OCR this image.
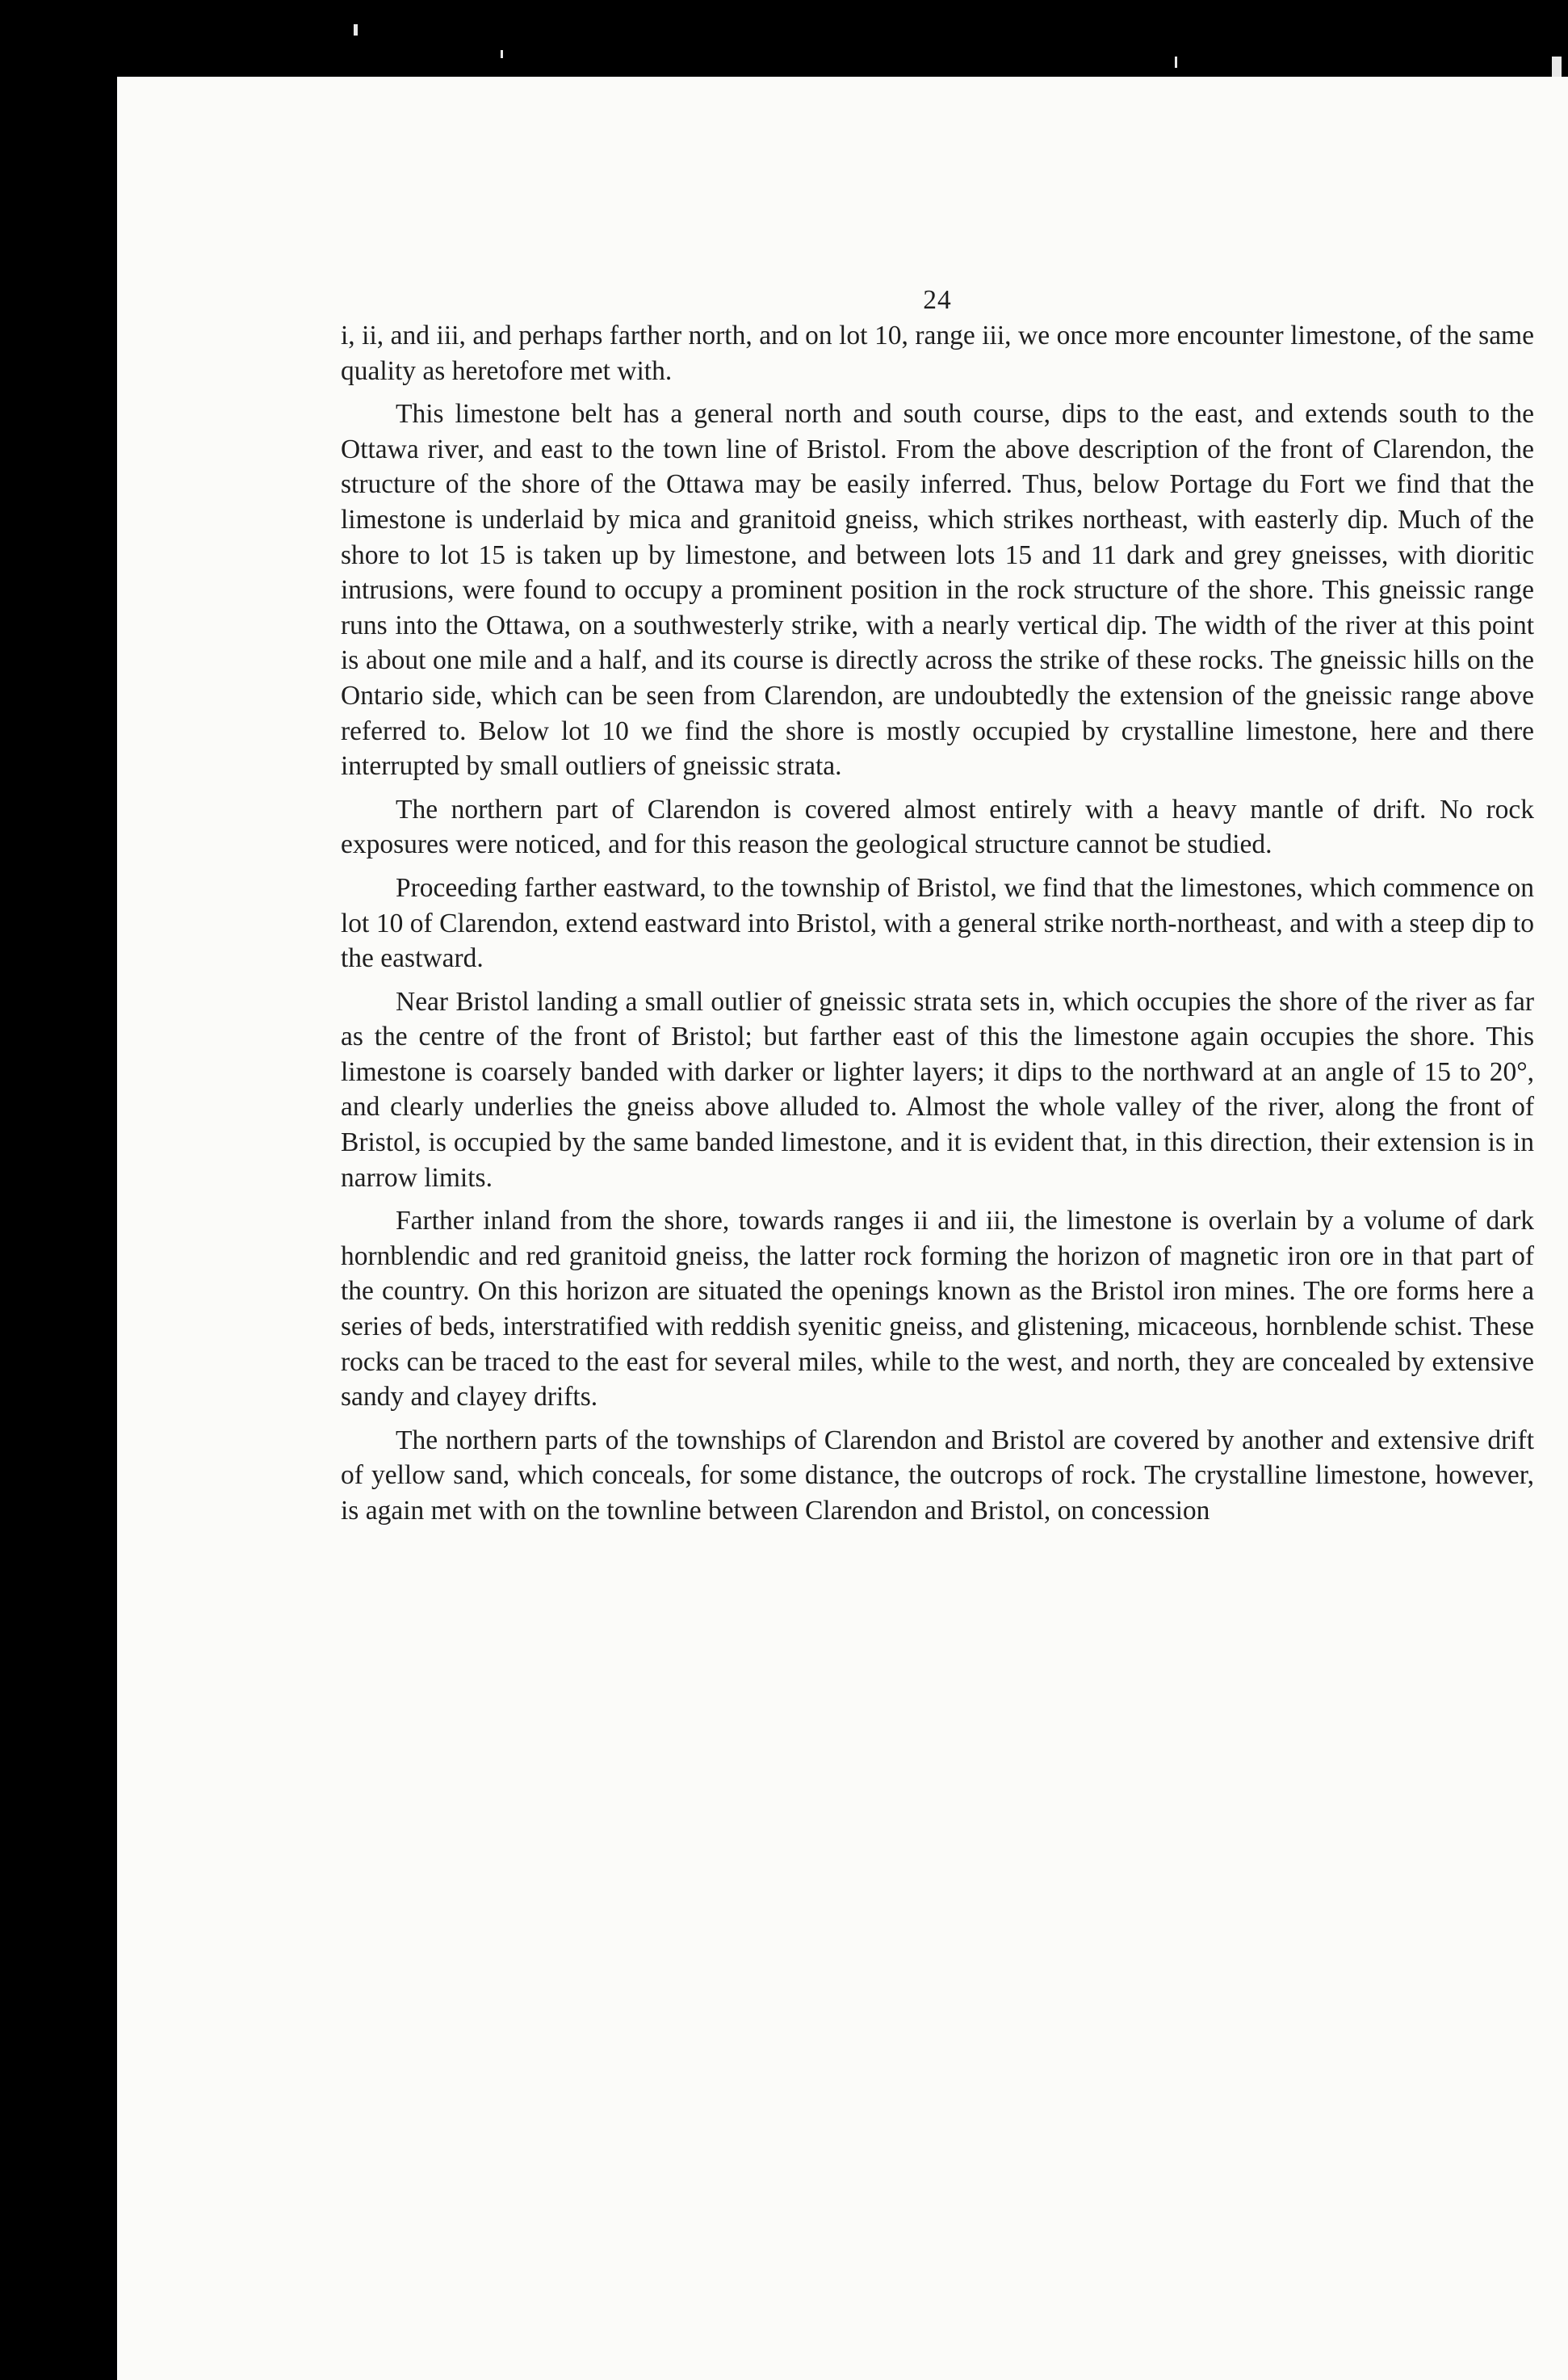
24

i, ii, and iii, and perhaps farther north, and on lot 10, range iii, we once more encounter limestone, of the same quality as heretofore met with.

This limestone belt has a general north and south course, dips to the east, and extends south to the Ottawa river, and east to the town line of Bristol. From the above description of the front of Clarendon, the structure of the shore of the Ottawa may be easily inferred. Thus, below Portage du Fort we find that the limestone is underlaid by mica and granitoid gneiss, which strikes northeast, with easterly dip. Much of the shore to lot 15 is taken up by limestone, and between lots 15 and 11 dark and grey gneisses, with dioritic intrusions, were found to occupy a prominent position in the rock structure of the shore. This gneissic range runs into the Ottawa, on a southwesterly strike, with a nearly vertical dip. The width of the river at this point is about one mile and a half, and its course is directly across the strike of these rocks. The gneissic hills on the Ontario side, which can be seen from Clarendon, are undoubtedly the extension of the gneissic range above referred to. Below lot 10 we find the shore is mostly occupied by crystalline limestone, here and there interrupted by small outliers of gneissic strata.

The northern part of Clarendon is covered almost entirely with a heavy mantle of drift. No rock exposures were noticed, and for this reason the geological structure cannot be studied.

Proceeding farther eastward, to the township of Bristol, we find that the limestones, which commence on lot 10 of Clarendon, extend eastward into Bristol, with a general strike north-northeast, and with a steep dip to the eastward.

Near Bristol landing a small outlier of gneissic strata sets in, which occupies the shore of the river as far as the centre of the front of Bristol; but farther east of this the limestone again occupies the shore. This limestone is coarsely banded with darker or lighter layers; it dips to the northward at an angle of 15 to 20°, and clearly underlies the gneiss above alluded to. Almost the whole valley of the river, along the front of Bristol, is occupied by the same banded limestone, and it is evident that, in this direction, their extension is in narrow limits.

Farther inland from the shore, towards ranges ii and iii, the limestone is overlain by a volume of dark hornblendic and red granitoid gneiss, the latter rock forming the horizon of magnetic iron ore in that part of the country. On this horizon are situated the openings known as the Bristol iron mines. The ore forms here a series of beds, interstratified with reddish syenitic gneiss, and glistening, micaceous, hornblende schist. These rocks can be traced to the east for several miles, while to the west, and north, they are concealed by extensive sandy and clayey drifts.

The northern parts of the townships of Clarendon and Bristol are covered by another and extensive drift of yellow sand, which conceals, for some distance, the outcrops of rock. The crystalline limestone, however, is again met with on the townline between Clarendon and Bristol, on concession
